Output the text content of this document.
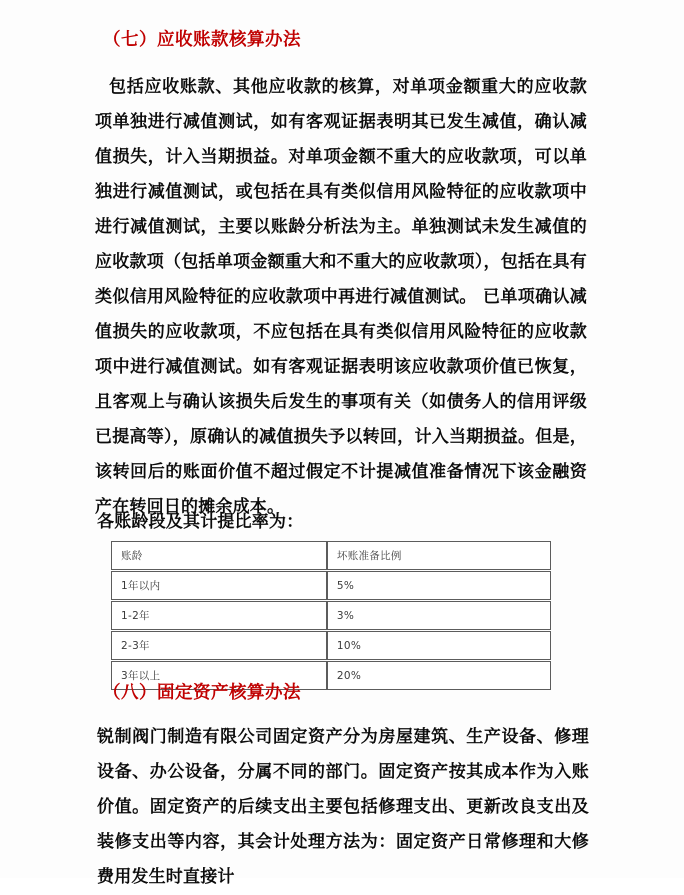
（七）应收账款核算办法

包括应收账款、其他应收款的核算，对单项金额重大的应收款项单独进行减值测试，如有客观证据表明其已发生减值，确认减值损失，计入当期损益。对单项金额不重大的应收款项，可以单独进行减值测试，或包括在具有类似信用风险特征的应收款项中进行减值测试，主要以账龄分析法为主。单独测试未发生减值的应收款项（包括单项金额重大和不重大的应收款项），包括在具有类似信用风险特征的应收款项中再进行减值测试。 已单项确认减值损失的应收款项，不应包括在具有类似信用风险特征的应收款项中进行减值测试。如有客观证据表明该应收款项价值已恢复，且客观上与确认该损失后发生的事项有关（如债务人的信用评级已提高等），原确认的减值损失予以转回，计入当期损益。但是，该转回后的账面价值不超过假定不计提减值准备情况下该金融资产在转回日的摊余成本。

各账龄段及其计提比率为：

账龄	坏账准备比例
1年以内	5%
1-2年	3%
2-3年	10%
3年以上	20%
（八）固定资产核算办法

锐制阀门制造有限公司固定资产分为房屋建筑、生产设备、修理设备、办公设备，分属不同的部门。固定资产按其成本作为入账价值。固定资产的后续支出主要包括修理支出、更新改良支出及装修支出等内容，其会计处理方法为：固定资产日常修理和大修费用发生时直接计
